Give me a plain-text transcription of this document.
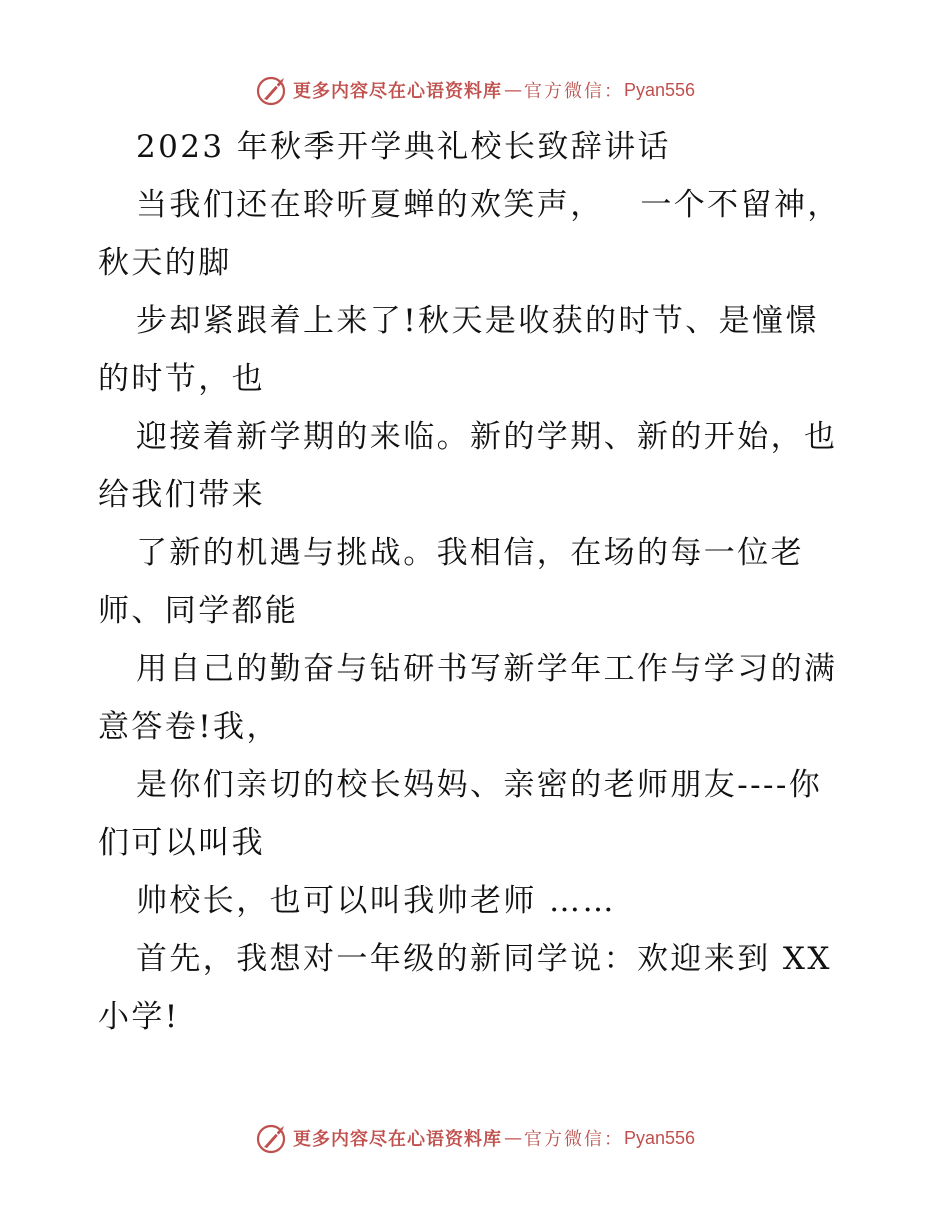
更多内容尽在心语资料库 — 官方微信： Pyan556

2023 年秋季开学典礼校长致辞讲话

当我们还在聆听夏蝉的欢笑声，   一个不留神，
秋天的脚
步却紧跟着上来了!秋天是收获的时节、是憧憬
的时节，也
迎接着新学期的来临。新的学期、新的开始，也
给我们带来
了新的机遇与挑战。我相信，在场的每一位老
师、同学都能
用自己的勤奋与钻研书写新学年工作与学习的满
意答卷!我，
是你们亲切的校长妈妈、亲密的老师朋友----你
们可以叫我
帅校长，也可以叫我帅老师 ……
首先，我想对一年级的新同学说：欢迎来到 XX
小学!
更多内容尽在心语资料库 — 官方微信： Pyan556
